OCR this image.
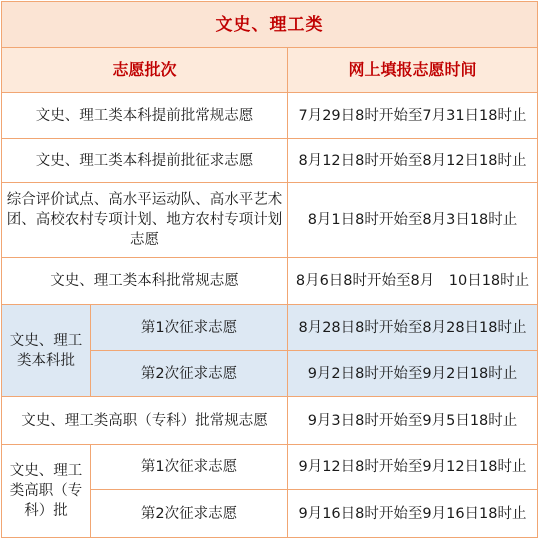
文史、理工类		
志愿批次		网上填报志愿时间
文史、理工类本科提前批常规志愿		7月29日8时开始至7月31日18时止
文史、理工类本科提前批征求志愿		8月12日8时开始至8月12日18时止
综合评价试点、高水平运动队、高水平艺术团、高校农村专项计划、地方农村专项计划志愿		8月1日8时开始至8月3日18时止
文史、理工类本科批常规志愿		8月6日8时开始至8月　10日18时止
文史、理工类本科批	第1次征求志愿	8月28日8时开始至8月28日18时止
	第2次征求志愿	9月2日8时开始至9月2日18时止
文史、理工类高职（专科）批常规志愿		9月3日8时开始至9月5日18时止
文史、理工类高职（专科）批	第1次征求志愿	9月12日8时开始至9月12日18时止
	第2次征求志愿	9月16日8时开始至9月16日18时止
